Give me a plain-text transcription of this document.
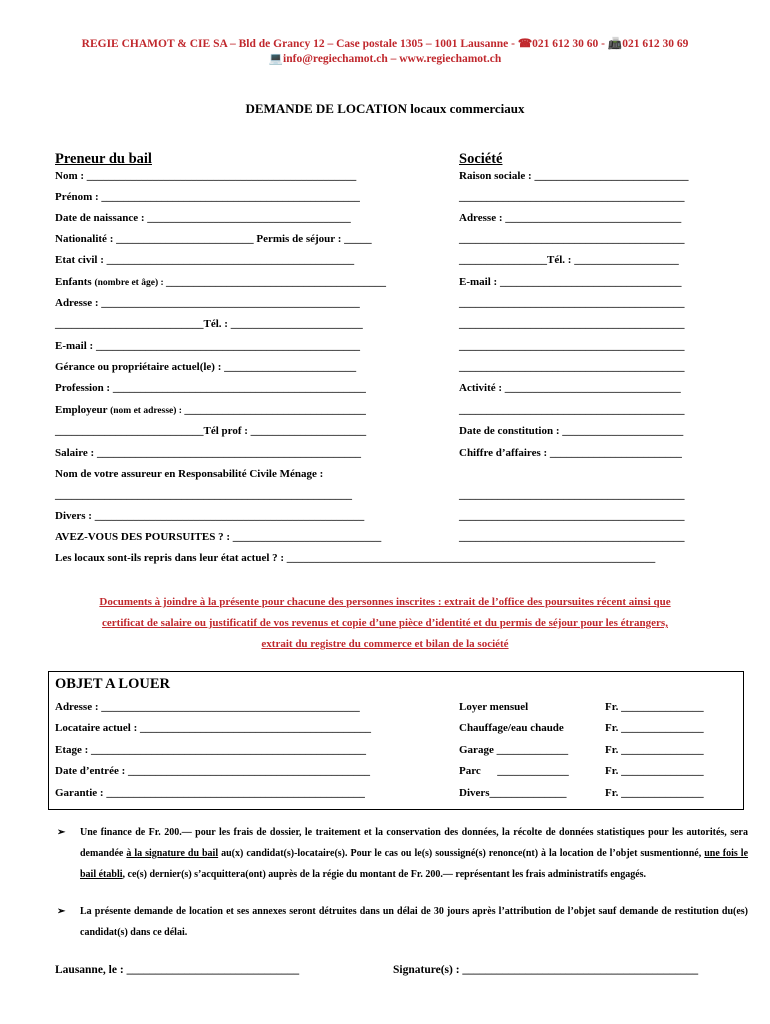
REGIE CHAMOT & CIE SA – Bld de Grancy 12 – Case postale 1305 – 1001 Lausanne - ☎021 612 30 60 - 📠021 612 30 69
💻info@regiechamot.ch – www.regiechamot.ch
DEMANDE DE LOCATION locaux commerciaux
Preneur du bail
Nom : _________________________________________________
Prénom : _______________________________________________
Date de naissance : _____________________________________
Nationalité : _________________________ Permis de séjour : _____
Etat civil : _____________________________________________
Enfants (nombre et âge) : ________________________________________
Adresse : _______________________________________________
___________________________Tél. : ________________________
E-mail : ________________________________________________
Gérance ou propriétaire actuel(le) : ________________________
Profession : ______________________________________________
Employeur (nom et adresse) : _________________________________
___________________________Tél prof : _____________________
Salaire : ________________________________________________
Nom de votre assureur en Responsabilité Civile Ménage :
______________________________________________________
Divers : _________________________________________________
AVEZ-VOUS DES POURSUITES ? : ___________________________
Les locaux sont-ils repris dans leur état actuel ? : ___________________________________________________________________
Société
Raison sociale : ____________________________
_________________________________________
Adresse : ________________________________
_________________________________________
________________Tél. : ___________________
E-mail : _________________________________
_________________________________________
_________________________________________
_________________________________________
_________________________________________
Activité : ________________________________
_________________________________________
Date de constitution : ______________________
Chiffre d’affaires : ________________________
_________________________________________
_________________________________________
_________________________________________
Documents à joindre à la présente pour chacune des personnes inscrites : extrait de l’office des poursuites récent ainsi que
certificat de salaire ou justificatif de vos revenus et copie d’une pièce d’identité et du permis de séjour pour les étrangers,
extrait du registre du commerce et bilan de la société
OBJET A LOUER
Adresse : _______________________________________________
Locataire actuel : __________________________________________
Etage : __________________________________________________
Date d’entrée : ____________________________________________
Garantie : _______________________________________________
Loyer mensuel
Chauffage/eau chaude
Garage _____________
Parc      _____________
Divers______________
Fr. _______________
Fr. _______________
Fr. _______________
Fr. _______________
Fr. _______________
➢ Une finance de Fr. 200.— pour les frais de dossier, le traitement et la conservation des données, la récolte de données statistiques pour les autorités, sera demandée à la signature du bail au(x) candidat(s)-locataire(s). Pour le cas ou le(s) soussigné(s) renonce(nt) à la location de l’objet susmentionné, une fois le bail établi, ce(s) dernier(s) s’acquittera(ont) auprès de la régie du montant de Fr. 200.— représentant les frais administratifs engagés.
➢ La présente demande de location et ses annexes seront détruites dans un délai de 30 jours après l’attribution de l’objet sauf demande de restitution du(es) candidat(s) dans ce délai.
Lausanne, le : ______________________________	Signature(s) : _________________________________________
